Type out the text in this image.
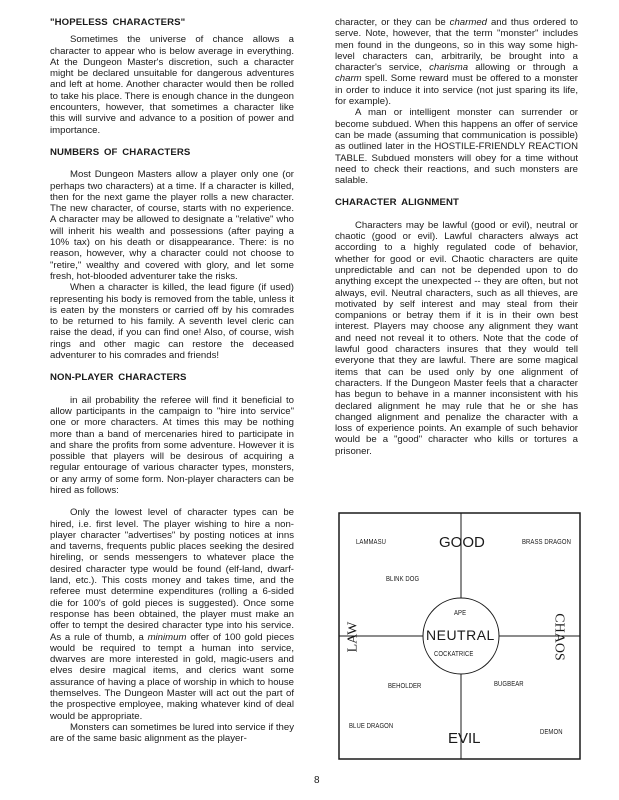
"HOPELESS CHARACTERS"

Sometimes the universe of chance allows a character to appear who is below average in everything. At the Dungeon Master's discretion, such a character might be declared unsuitable for dangerous adventures and left at home. Another character would then be rolled to take his place. There is enough chance in the dungeon encounters, however, that sometimes a character like this will survive and advance to a position of power and importance.

NUMBERS OF CHARACTERS

Most Dungeon Masters allow a player only one (or perhaps two characters) at a time. If a character is killed, then for the next game the player rolls a new character. The new character, of course, starts with no experience. A character may be allowed to designate a "relative" who will inherit his wealth and possessions (after paying a 10% tax) on his death or disappearance. There: is no reason, however, why a character could not choose to "retire," wealthy and covered with glory, and let some fresh, hot-blooded adventurer take the risks.

When a character is killed, the lead figure (if used) representing his body is removed from the table, unless it is eaten by the monsters or carried off by his comrades to be returned to his family. A seventh level cleric can raise the dead, if you can find one! Also, of course, wish rings and other magic can restore the deceased adventurer to his comrades and friends!

NON-PLAYER CHARACTERS

in ail probability the referee will find it beneficial to allow participants in the campaign to "hire into service" one or more characters. At times this may be nothing more than a band of mercenaries hired to participate in and share the profits from some adventure. However it is possible that players will be desirous of acquiring a regular entourage of various character types, monsters, or any army of some form. Non-player characters can be hired as follows:

Only the lowest level of character types can be hired, i.e. first level. The player wishing to hire a non-player character "advertises" by posting notices at inns and taverns, frequents public places seeking the desired hireling, or sends messengers to whatever place the desired character type would be found (elf-land, dwarf-land, etc.). This costs money and takes time, and the referee must determine expenditures (rolling a 6-sided die for 100's of gold pieces is suggested). Once some response has been obtained, the player must make an offer to tempt the desired character type into his service. As a rule of thumb, a minimum offer of 100 gold pieces would be required to tempt a human into service, dwarves are more interested in gold, magic-users and elves desire magical items, and clerics want some assurance of having a place of worship in which to house themselves. The Dungeon Master will act out the part of the prospective employee, making whatever kind of deal would be appropriate.

Monsters can sometimes be lured into service if they are of the same basic alignment as the player-

character, or they can be charmed and thus ordered to serve. Note, however, that the term "monster" includes men found in the dungeons, so in this way some high-level characters can, arbitrarily, be brought into a character's service, charisma allowing or through a charm spell. Some reward must be offered to a monster in order to induce it into service (not just sparing its life, for example).

A man or intelligent monster can surrender or become subdued. When this happens an offer of service can be made (assuming that communication is possible) as outlined later in the HOSTILE-FRIENDLY REACTION TABLE. Subdued monsters will obey for a time without need to check their reactions, and such monsters are salable.

CHARACTER ALIGNMENT

Characters may be lawful (good or evil), neutral or chaotic (good or evil). Lawful characters always act according to a highly regulated code of behavior, whether for good or evil. Chaotic characters are quite unpredictable and can not be depended upon to do anything except the unexpected -- they are often, but not always, evil. Neutral characters, such as all thieves, are motivated by self interest and may steal from their companions or betray them if it is in their own best interest. Players may choose any alignment they want and need not reveal it to others. Note that the code of lawful good characters insures that they would tell everyone that they are lawful. There are some magical items that can be used only by one alignment of characters. If the Dungeon Master feels that a character has begun to behave in a manner inconsistent with his declared alignment he may rule that he or she has changed alignment and penalize the character with a loss of experience points. An example of such behavior would be a "good" character who kills or tortures a prisoner.

GOOD
EVIL
NEUTRAL
LAW	CHAOS
LAMMASU
BLINK DOG
BRASS DRAGON
APE
COCKATRICE
BEHOLDER
BLUE DRAGON
BUGBEAR
DEMON
8
